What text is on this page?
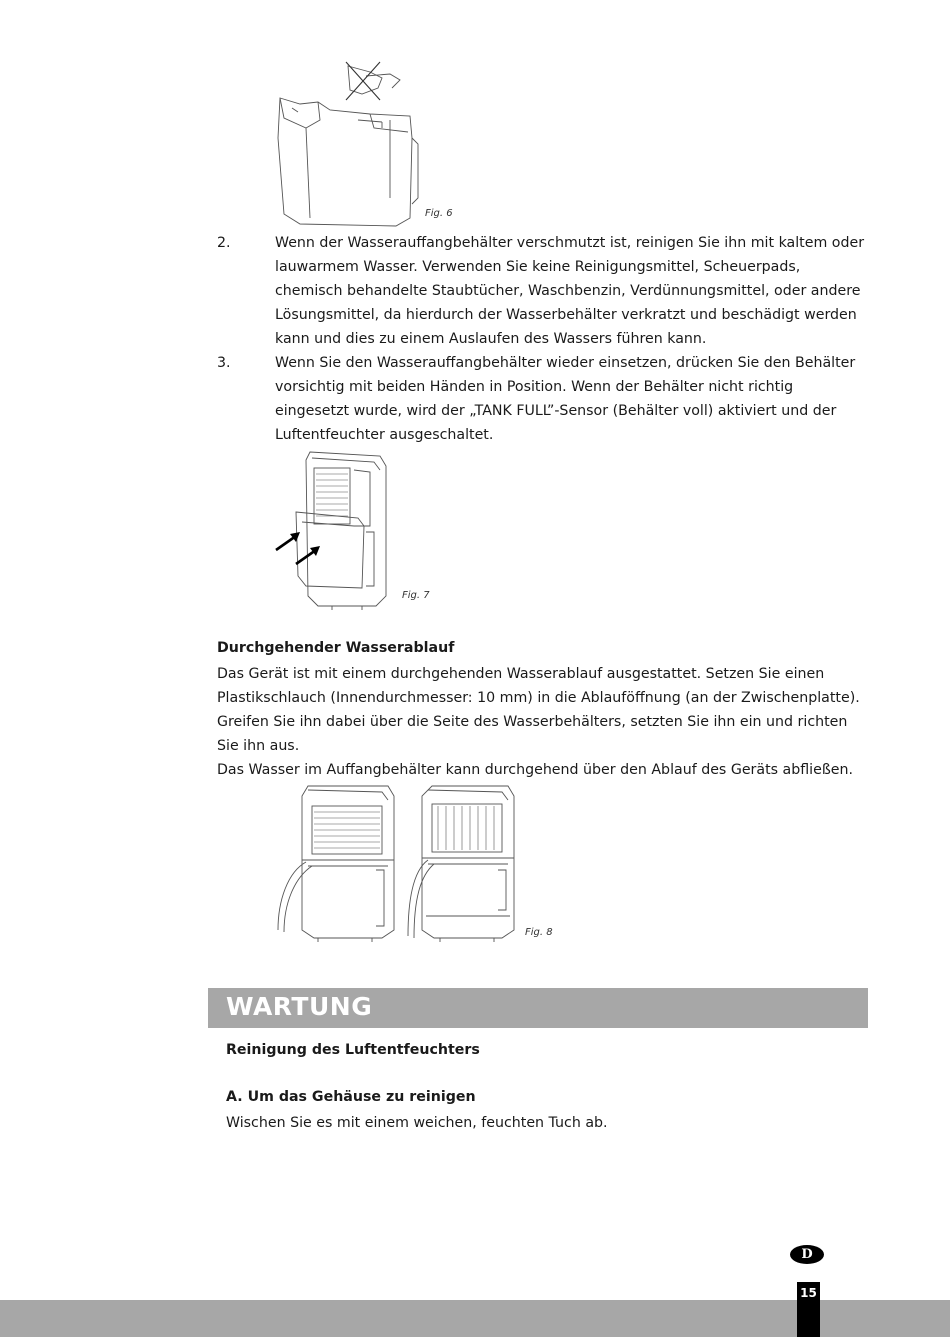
Fig. 6
2.	Wenn der Wasserauffangbehälter verschmutzt ist, reinigen Sie ihn mit kaltem oder lauwarmem Wasser. Verwenden Sie keine Reinigungsmittel, Scheuerpads, chemisch behandelte Staubtücher, Waschbenzin, Verdünnungsmittel, oder andere Lösungsmittel, da hierdurch der Wasserbehälter verkratzt und beschädigt werden kann und dies zu einem Auslaufen des Wassers führen kann.
3.	Wenn Sie den Wasserauffangbehälter wieder einsetzen, drücken Sie den Behälter vorsichtig mit beiden Händen in Position. Wenn der Behälter nicht richtig eingesetzt wurde, wird der „TANK FULL”-Sensor (Behälter voll) aktiviert und der Luftentfeuchter ausgeschaltet.
Fig. 7
Durchgehender Wasserablauf
Das Gerät ist mit einem durchgehenden Wasserablauf ausgestattet. Setzen Sie einen Plastikschlauch (Innendurchmesser: 10 mm) in die Ablauföffnung (an der Zwischenplatte). Greifen Sie ihn dabei über die Seite des Wasserbehälters, setzten Sie ihn ein und richten Sie ihn aus.
Das Wasser im Auffangbehälter kann durchgehend über den Ablauf des Geräts abfließen.
Fig. 8
WARTUNG
Reinigung des Luftentfeuchters
A. Um das Gehäuse zu reinigen
Wischen Sie es mit einem weichen, feuchten Tuch ab.
D
15
